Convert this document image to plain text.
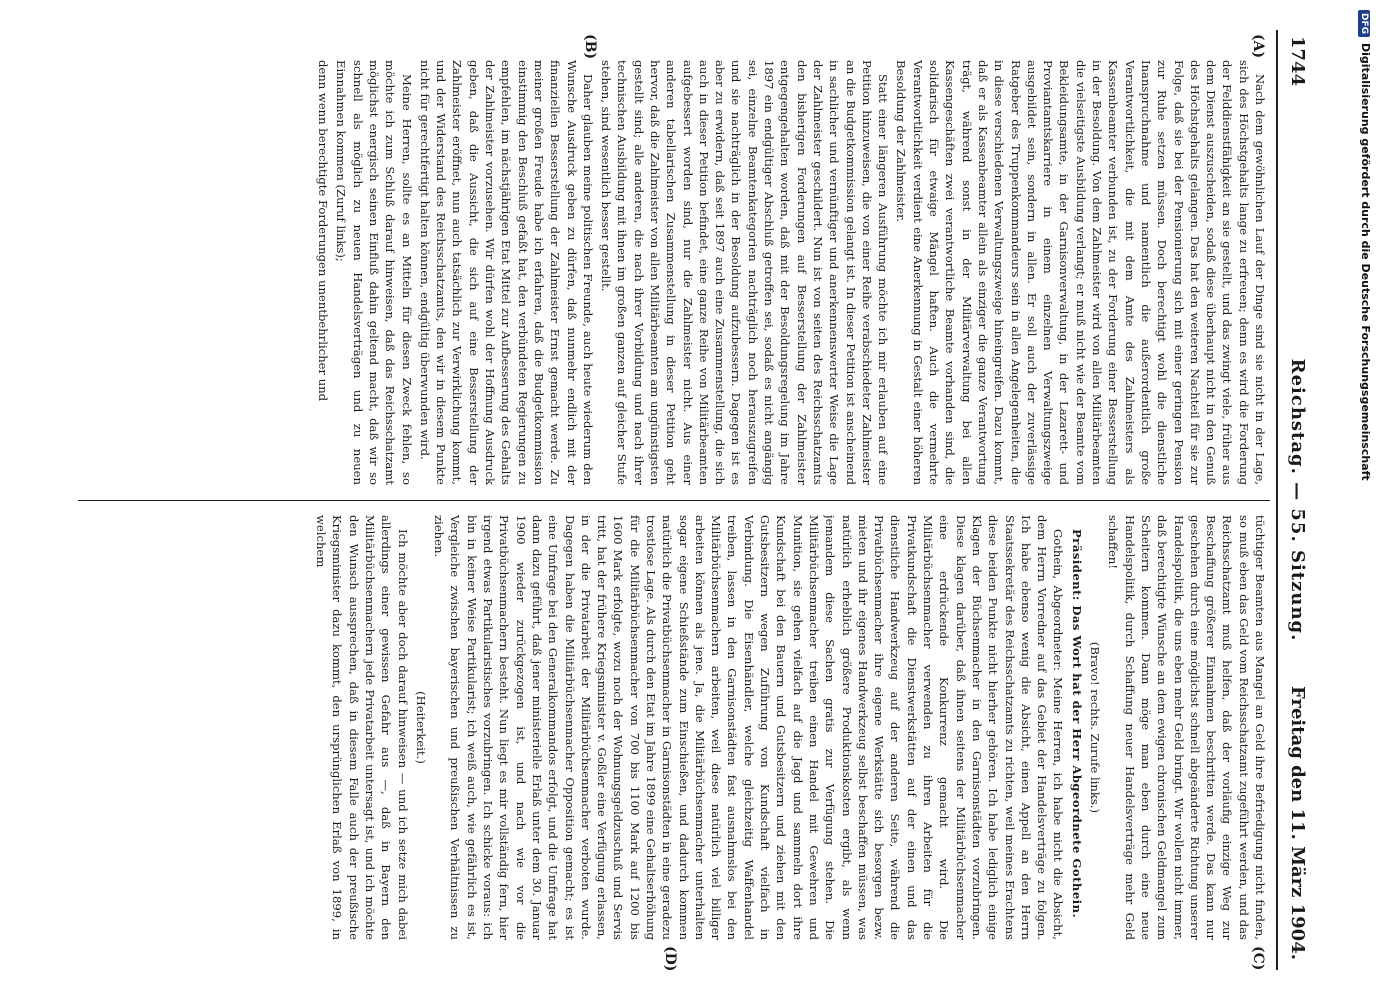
1744
Reichstag. — 55. Sitzung.
Freitag den 11. März 1904.
(A)
(B)
(C)
(D)

Nach dem gewöhnlichen Lauf der Dinge sind sie nicht in der Lage, sich des Höchstgehalts lange zu erfreuen; denn es wird die Forderung der Felddienstfähigkeit an sie gestellt, und das zwingt viele, früher aus dem Dienst auszuscheiden, sodaß diese überhaupt nicht in den Genuß des Höchstgehalts gelangen. Das hat den weiteren Nachteil für sie zur Folge, daß sie bei der Pensionierung sich mit einer geringen Pension zur Ruhe setzen müssen. Doch berechtigt wohl die dienstliche Inanspruchnahme und namentlich die außerordentlich große Verantwortlichkeit, die mit dem Amte des Zahlmeisters als Kassenbeamter verbunden ist, zu der Forderung einer Besserstellung in der Besoldung. Von dem Zahlmeister wird von allen Militärbeamten die vielseitigste Ausbildung verlangt; er muß nicht wie der Beamte vom Bekleidungsamte, in der Garnisonverwaltung, in der Lazarett- und Proviantamtskarriere in einem einzelnen Verwaltungszweige ausgebildet sein, sondern in allen. Er soll auch der zuverlässige Ratgeber des Truppenkommandeurs sein in allen Angelegenheiten, die in diese verschiedenen Verwaltungszweige hineingreifen. Dazu kommt, daß er als Kassenbeamter allein als einziger die ganze Verantwortung trägt, während sonst in der Militärverwaltung bei allen Kassengeschäften zwei verantwortliche Beamte vorhanden sind, die solidarisch für etwaige Mängel haften. Auch die vermehrte Verantwortlichkeit verdient eine Anerkennung in Gestalt einer höheren Besoldung der Zahlmeister.

Statt einer längeren Ausführung möchte ich mir erlauben auf eine Petition hinzuweisen, die von einer Reihe verabschiedeter Zahlmeister an die Budgetkommission gelangt ist. In dieser Petition ist anscheinend in sachlicher und vernünftiger und anerkennenswerter Weise die Lage der Zahlmeister geschildert. Nun ist von seiten des Reichsschatzamts den bisherigen Forderungen auf Besserstellung der Zahlmeister entgegengehalten worden, daß mit der Besoldungsregelung im Jahre 1897 ein endgültiger Abschluß getroffen sei, sodaß es nicht angängig sei, einzelne Beamtenkategorien nachträglich noch herauszugreifen und sie nachträglich in der Besoldung aufzubessern. Dagegen ist es aber zu erwidern, daß seit 1897 auch eine Zusammenstellung, die sich auch in dieser Petition befindet, eine ganze Reihe von Militärbeamten aufgebessert worden sind, nur die Zahlmeister nicht. Aus einer anderen tabellarischen Zusammenstellung in dieser Petition geht hervor, daß die Zahlmeister von allen Militärbeamten am ungünstigsten gestellt sind; alle anderen, die nach ihrer Vorbildung und nach ihrer technischen Ausbildung mit ihnen im großen ganzen auf gleicher Stufe stehen, sind wesentlich besser gestellt.

Daher glauben meine politischen Freunde, auch heute wiederum den Wunsche Ausdruck geben zu dürfen, daß nunmehr endlich mit der finanziellen Besserstellung der Zahlmeister Ernst gemacht werde. Zu meiner großen Freude habe ich erfahren, daß die Budgetkommission einstimmig den Beschluß gefaßt hat, den verbündeten Regierungen zu empfehlen, im nächstjährigen Etat Mittel zur Aufbesserung des Gehalts der Zahlmeister vorzusehen. Wir dürfen wohl der Hoffnung Ausdruck geben, daß die Aussicht, die sich auf eine Besserstellung der Zahlmeister eröffnet, nun auch tatsächlich zur Verwirklichung kommt, und der Widerstand des Reichsschatzamts, den wir in diesem Punkte nicht für gerechtfertigt halten können, endgültig überwunden wird.

Meine Herren, sollte es an Mitteln für diesen Zweck fehlen, so möchte ich zum Schluß darauf hinweisen, daß das Reichsschatzamt möglichst energisch seinen Einfluß dahin geltend macht, daß wir so schnell als möglich zu neuen Handelsverträgen und zu neuen Einnahmen kommen (Zuruf links);

denn wenn berechtigte Forderungen unentbehrlicher und

tüchtiger Beamten aus Mangel an Geld ihre Befriedigung nicht finden, so muß eben das Geld vom Reichsschatzamt zugeführt werden, und das Reichsschatzamt muß helfen, daß der vorläufig einzige Weg zur Beschaffung größerer Einnahmen beschritten werde. Das kann nur geschehen durch eine möglichst schnell abgeänderte Richtung unserer Handelspolitik, die uns eben mehr Geld bringt. Wir wollen nicht immer, daß berechtigte Wünsche an dem ewigen chronischen Geldmangel zum Scheitern kommen. Dann möge man eben durch eine neue Handelspolitik, durch Schaffung neuer Handelsverträge mehr Geld schaffen!

(Bravo! rechts. Zurufe links.)

Präsident: Das Wort hat der Herr Abgeordnete Gothein.

Gothein, Abgeordneter: Meine Herren, ich habe nicht die Absicht, dem Herrn Vorredner auf das Gebiet der Handelsverträge zu folgen. Ich habe ebenso wenig die Absicht, einen Appell an den Herrn Staatssekretär des Reichsschatzamts zu richten, weil meines Erachtens diese beiden Punkte nicht hierher gehören. Ich habe lediglich einige Klagen der Büchsenmacher in den Garnisonstädten vorzubringen. Diese klagen darüber, daß ihnen seitens der Militärbüchsenmacher eine erdrückende Konkurrenz gemacht wird. Die Militärbüchsenmacher verwenden zu ihren Arbeiten für die Privatkundschaft die Dienstwerkstätten auf der einen und das dienstliche Handwerkzeug auf der anderen Seite, während die Privatbüchsenmacher ihre eigene Werkstätte sich besorgen bezw. mieten und ihr eigenes Handwerkzeug selbst beschaffen müssen, was natürlich erheblich größere Produktionskosten ergibt, als wenn jemandem diese Sachen gratis zur Verfügung stehen. Die Militärbüchsenmacher treiben einen Handel mit Gewehren und Munition, sie gehen vielfach auf die Jagd und sammeln dort ihre Kundschaft bei den Bauern und Gutsbesitzern und ziehen mit den Gutsbesitzern wegen Zuführung von Kundschaft vielfach in Verbindung. Die Eisenhändler, welche gleichzeitig Waffenhandel treiben, lassen in den Garnisonstädten fast ausnahmslos bei den Militärbüchsenmachern arbeiten, weil diese natürlich viel billiger arbeiten können als jene. Ja, die Militärbüchsenmacher unterhalten sogar eigene Schießstände zum Einschießen, und dadurch kommen natürlich die Privatbüchsenmacher in Garnisonstädten in eine geradezu trostlose Lage. Als durch den Etat im Jahre 1899 eine Gehaltserhöhung für die Militärbüchsenmacher von 700 bis 1100 Mark auf 1200 bis 1600 Mark erfolgte, wozu noch der Wohnungsgeldzuschuß und Servis tritt, hat der frühere Kriegsminister v. Goßler eine Verfügung erlassen, in der die Privatarbeit der Militärbüchsenmacher verboten wurde. Dagegen haben die Militärbüchsenmacher Opposition gemacht; es ist eine Umfrage bei den Generalkommandos erfolgt, und die Umfrage hat dann dazu geführt, daß jener ministerielle Erlaß unter dem 30. Januar 1900 wieder zurückgezogen ist, und nach wie vor die Privatbüchsenmachern besteht. Nun liegt es mir vollständig fern, hier irgend etwas Partikularistisches vorzubringen. Ich schicke voraus: ich bin in keiner Weise Partikularist; ich weiß auch, wie gefährlich es ist, Vergleiche zwischen bayerischen und preußischen Verhältnissen zu ziehen.

(Heiterkeit.)

Ich möchte aber doch darauf hinweisen — und ich setze mich dabei allerdings einer gewissen Gefahr aus —, daß in Bayern den Militärbüchsenmachern jede Privatarbeit untersagt ist, und ich möchte den Wunsch aussprechen, daß in diesem Falle auch der preußische Kriegsminister dazu kommt, den ursprünglichen Erlaß von 1899, in welchem

DFGDigitalisierung gefördert durch die Deutsche Forschungsgemeinschaft
